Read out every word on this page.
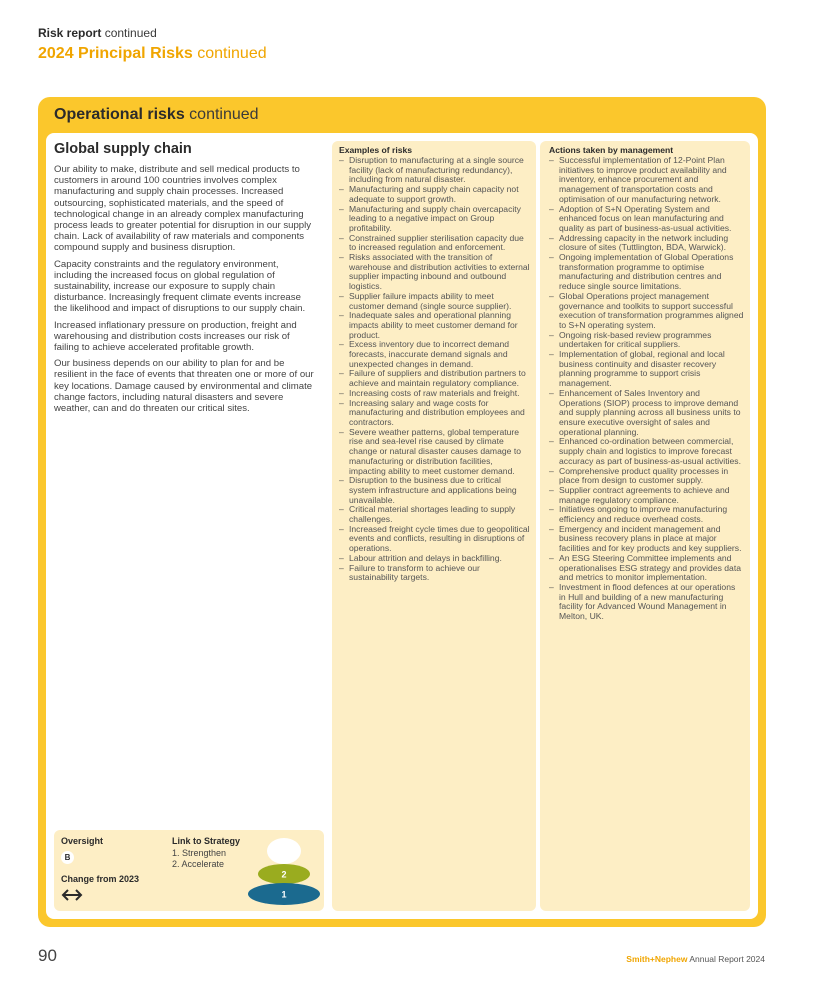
Risk report continued
2024 Principal Risks continued
Operational risks continued
Global supply chain

Our ability to make, distribute and sell medical products to customers in around 100 countries involves complex manufacturing and supply chain processes. Increased outsourcing, sophisticated materials, and the speed of technological change in an already complex manufacturing process leads to greater potential for disruption in our supply chain. Lack of availability of raw materials and components compound supply and business disruption.

Capacity constraints and the regulatory environment, including the increased focus on global regulation of sustainability, increase our exposure to supply chain disturbance. Increasingly frequent climate events increase the likelihood and impact of disruptions to our supply chain.

Increased inflationary pressure on production, freight and warehousing and distribution costs increases our risk of failing to achieve accelerated profitable growth.

Our business depends on our ability to plan for and be resilient in the face of events that threaten one or more of our key locations. Damage caused by environmental and climate change factors, including natural disasters and severe weather, can and do threaten our critical sites.

Examples of risks
– Disruption to manufacturing at a single source facility (lack of manufacturing redundancy), including from natural disaster.
– Manufacturing and supply chain capacity not adequate to support growth.
– Manufacturing and supply chain overcapacity leading to a negative impact on Group profitability.
– Constrained supplier sterilisation capacity due to increased regulation and enforcement.
– Risks associated with the transition of warehouse and distribution activities to external supplier impacting inbound and outbound logistics.
– Supplier failure impacts ability to meet customer demand (single source supplier).
– Inadequate sales and operational planning impacts ability to meet customer demand for product.
– Excess inventory due to incorrect demand forecasts, inaccurate demand signals and unexpected changes in demand.
– Failure of suppliers and distribution partners to achieve and maintain regulatory compliance.
– Increasing costs of raw materials and freight.
– Increasing salary and wage costs for manufacturing and distribution employees and contractors.
– Severe weather patterns, global temperature rise and sea-level rise caused by climate change or natural disaster causes damage to manufacturing or distribution facilities, impacting ability to meet customer demand.
– Disruption to the business due to critical system infrastructure and applications being unavailable.
– Critical material shortages leading to supply challenges.
– Increased freight cycle times due to geopolitical events and conflicts, resulting in disruptions of operations.
– Labour attrition and delays in backfilling.
– Failure to transform to achieve our sustainability targets.
Actions taken by management
– Successful implementation of 12-Point Plan initiatives to improve product availability and inventory, enhance procurement and management of transportation costs and optimisation of our manufacturing network.
– Adoption of S+N Operating System and enhanced focus on lean manufacturing and quality as part of business-as-usual activities.
– Addressing capacity in the network including closure of sites (Tuttlington, BDA, Warwick).
– Ongoing implementation of Global Operations transformation programme to optimise manufacturing and distribution centres and reduce single source limitations.
– Global Operations project management governance and toolkits to support successful execution of transformation programmes aligned to S+N operating system.
– Ongoing risk-based review programmes undertaken for critical suppliers.
– Implementation of global, regional and local business continuity and disaster recovery planning programme to support crisis management.
– Enhancement of Sales Inventory and Operations (SIOP) process to improve demand and supply planning across all business units to ensure executive oversight of sales and operational planning.
– Enhanced co-ordination between commercial, supply chain and logistics to improve forecast accuracy as part of business-as-usual activities.
– Comprehensive product quality processes in place from design to customer supply.
– Supplier contract agreements to achieve and manage regulatory compliance.
– Initiatives ongoing to improve manufacturing efficiency and reduce overhead costs.
– Emergency and incident management and business recovery plans in place at major facilities and for key products and key suppliers.
– An ESG Steering Committee implements and operationalises ESG strategy and provides data and metrics to monitor implementation.
– Investment in flood defences at our operations in Hull and building of a new manufacturing facility for Advanced Wound Management in Melton, UK.
Oversight
B
Change from 2023
Link to Strategy
1. Strengthen
2. Accelerate
2
1
90	Smith+Nephew Annual Report 2024
